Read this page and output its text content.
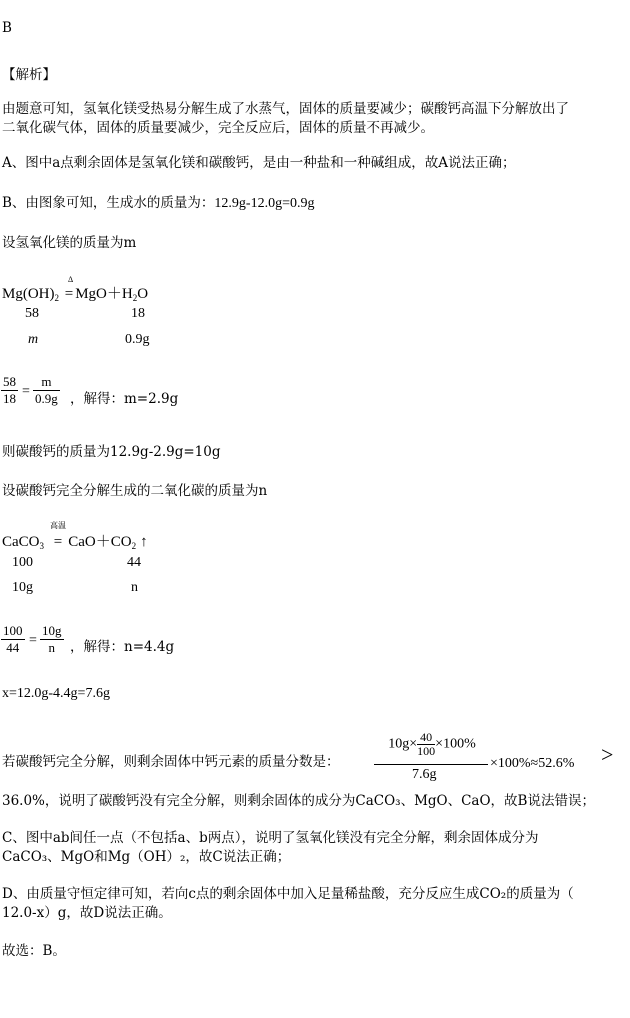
B
【解析】
由题意可知，氢氧化镁受热易分解生成了水蒸气，固体的质量要减少；碳酸钙高温下分解放出了
二氧化碳气体，固体的质量要减少，完全反应后，固体的质量不再减少。
A、图中a点剩余固体是氢氧化镁和碳酸钙，是由一种盐和一种碱组成，故A说法正确；
B、由图象可知，生成水的质量为：12.9g-12.0g=0.9g
设氢氧化镁的质量为m
Δ
$Mg(OH)_2 = MgO+H_2O$
58	18
m	0.9g
$\frac{58}{18} = \frac{m}{0.9g}$ ，解得：m=2.9g
则碳酸钙的质量为12.9g-2.9g=10g
设碳酸钙完全分解生成的二氧化碳的质量为n
高温
CaCO$_3$ = $CaO+CO_2$ ↑
100	44
10g	n
$\frac{100}{44} = \frac{10g}{n}$ ，解得：n=4.4g
x=12.0g-4.4g=7.6g
若碳酸钙完全分解，则剩余固体中钙元素的质量分数是：
$10g\times \frac{40}{100} \times 100\%$
7.6g
×100%≈52.6% >
36.0%，说明了碳酸钙没有完全分解，则剩余固体的成分为CaCO₃、MgO、CaO，故B说法错误；
C、图中ab间任一点（不包括a、b两点），说明了氢氧化镁没有完全分解，剩余固体成分为
CaCO₃、MgO和Mg（OH）₂，故C说法正确；
D、由质量守恒定律可知，若向c点的剩余固体中加入足量稀盐酸，充分反应生成CO₂的质量为（
12.0-x）g，故D说法正确。
故选：B。
